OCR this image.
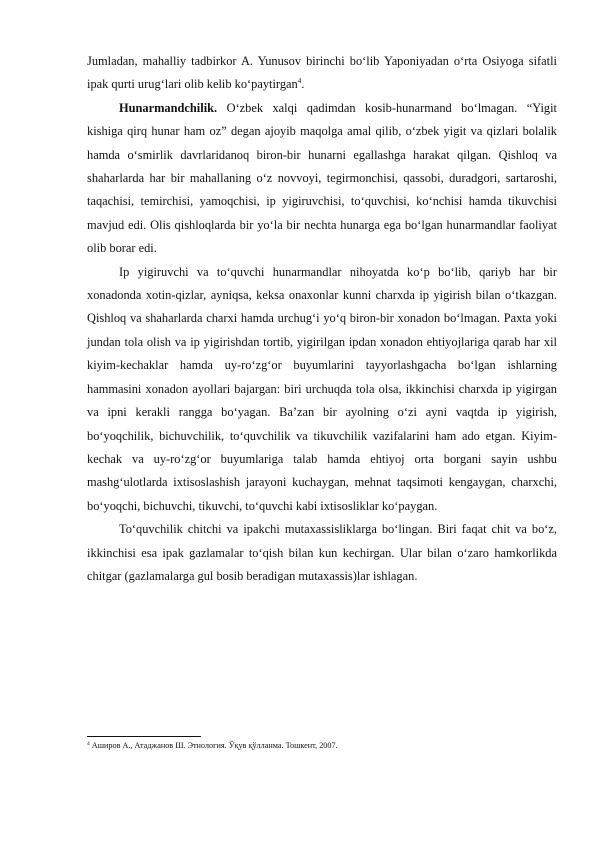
Jumladan, mahalliy tadbirkor A. Yunusov birinchi bo‘lib Yaponiyadan o‘rta Osiyoga sifatli ipak qurti urug‘lari olib kelib ko‘paytirgan$^4$.

Hunarmandchilik. O‘zbek xalqi qadimdan kosib-hunarmand bo‘lmagan. “Yigit kishiga qirq hunar ham oz” degan ajoyib maqolga amal qilib, o‘zbek yigit va qizlari bolalik hamda o‘smirlik davrlaridanoq biron-bir hunarni egallashga harakat qilgan. Qishloq va shaharlarda har bir mahallaning o‘z novvoyi, tegirmonchisi, qassobi, duradgori, sartaroshi, taqachisi, temirchisi, yamoqchisi, ip yigiruvchisi, to‘quvchisi, ko‘nchisi hamda tikuvchisi mavjud edi. Olis qishloqlarda bir yo‘la bir nechta hunarga ega bo‘lgan hunarmandlar faoliyat olib borar edi.

Ip yigiruvchi va to‘quvchi hunarmandlar nihoyatda ko‘p bo‘lib, qariyb har bir xonadonda xotin-qizlar, ayniqsa, keksa onaxonlar kunni charxda ip yigirish bilan o‘tkazgan. Qishloq va shaharlarda charxi hamda urchug‘i yo‘q biron-bir xonadon bo‘lmagan. Paxta yoki jundan tola olish va ip yigirishdan tortib, yigirilgan ipdan xonadon ehtiyojlariga qarab har xil kiyim-kechaklar hamda uy-ro‘zg‘or buyumlarini tayyorlashgacha bo‘lgan ishlarning hammasini xonadon ayollari bajargan: biri urchuqda tola olsa, ikkinchisi charxda ip yigirgan va ipni kerakli rangga bo‘yagan. Ba’zan bir ayolning o‘zi ayni vaqtda ip yigirish, bo‘yoqchilik, bichuvchilik, to‘quvchilik va tikuvchilik vazifalarini ham ado etgan. Kiyim-kechak va uy-ro‘zg‘or buyumlariga talab hamda ehtiyoj orta borgani sayin ushbu mashg‘ulotlarda ixtisoslashish jarayoni kuchaygan, mehnat taqsimoti kengaygan, charxchi, bo‘yoqchi, bichuvchi, tikuvchi, to‘quvchi kabi ixtisosliklar ko‘paygan.

To‘quvchilik chitchi va ipakchi mutaxassisliklarga bo‘lingan. Biri faqat chit va bo‘z, ikkinchisi esa ipak gazlamalar to‘qish bilan kun kechirgan. Ular bilan o‘zaro hamkorlikda chitgar (gazlamalarga gul bosib beradigan mutaxassis)lar ishlagan.

$^4$ Аширов А., Атаджанов Ш. Этнология. Ўқув қўлланма. Тошкент, 2007.
